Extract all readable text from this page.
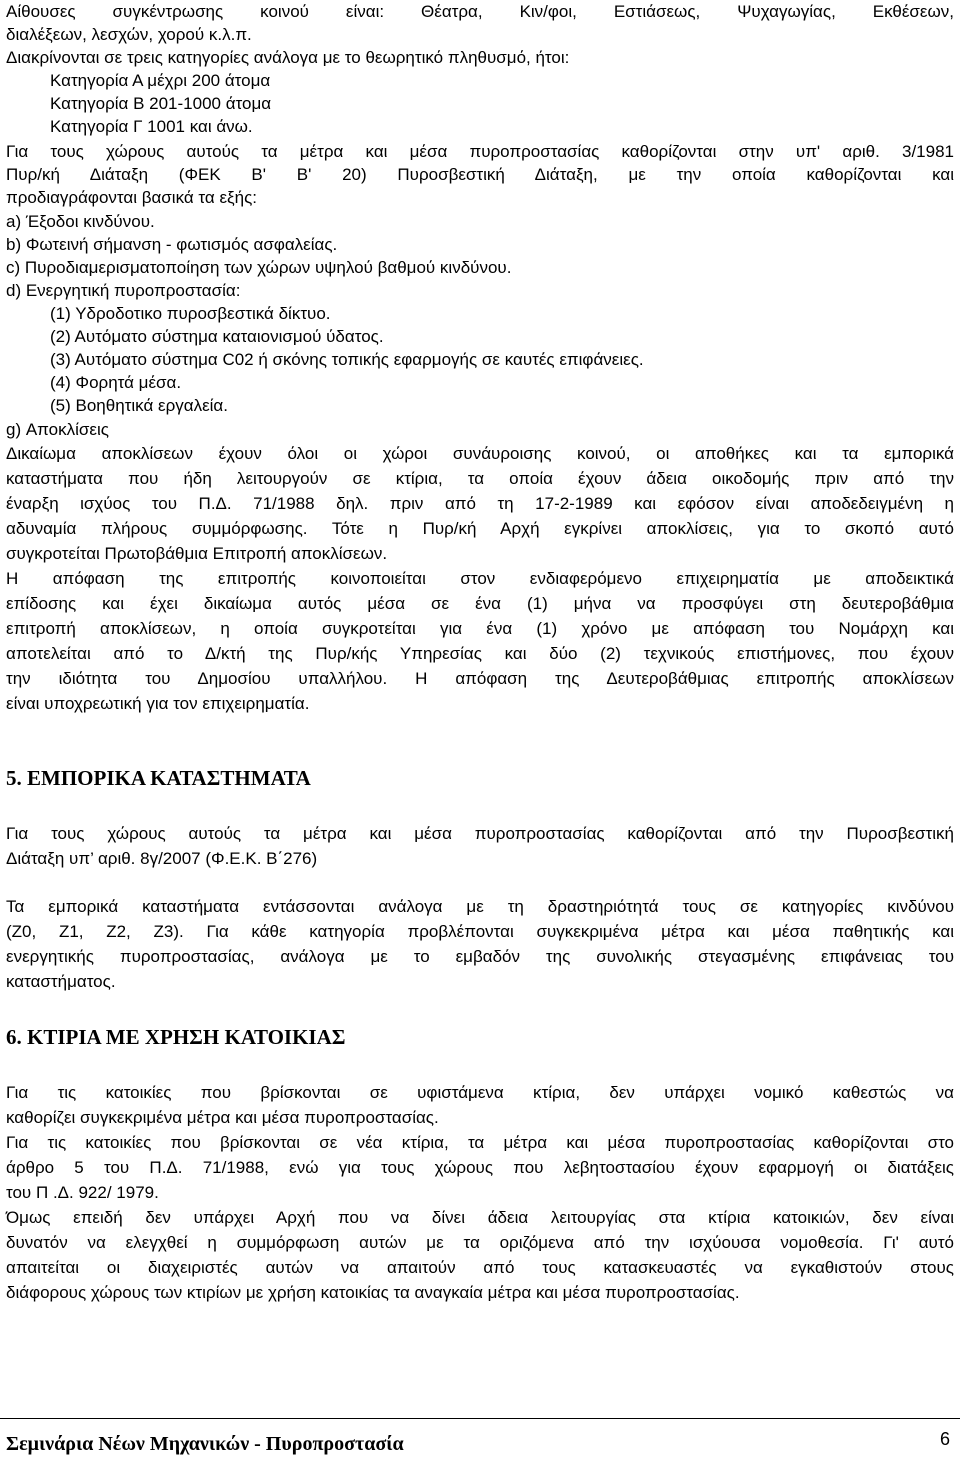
Αίθουσες συγκέντρωσης κοινού είναι: Θέατρα, Κιν/φοι, Εστιάσεως, Ψυχαγωγίας, Εκθέσεων,
διαλέξεων, λεσχών, χορού κ.λ.π.
Διακρίνονται σε τρεις κατηγορίες ανάλογα με το θεωρητικό πληθυσμό, ήτοι:
Κατηγορία Α μέχρι 200 άτομα
Κατηγορία Β 201-1000 άτομα
Κατηγορία Γ 1001 και άνω.
Για τους χώρους αυτούς τα μέτρα και μέσα πυροπροστασίας καθορίζονται στην υπ' αριθ. 3/1981
Πυρ/κή Διάταξη (ΦΕΚ Β' Β' 20) Πυροσβεστική Διάταξη, με την οποία καθορίζονται και
προδιαγράφονται βασικά τα εξής:
a) Έξοδοι κινδύνου.
b) Φωτεινή σήμανση - φωτισμός ασφαλείας.
c) Πυροδιαμερισματοποίηση των χώρων υψηλού βαθμού κινδύνου.
d) Ενεργητική πυροπροστασία:
(1) Υδροδοτικο πυροσβεστικά δίκτυο.
(2) Αυτόματο σύστημα καταιονισμού ύδατος.
(3) Αυτόματο σύστημα C02 ή σκόνης τοπικής εφαρμογής σε καυτές επιφάνειες.
(4) Φορητά μέσα.
(5) Βοηθητικά εργαλεία.
g) Αποκλίσεις
Δικαίωμα αποκλίσεων έχουν όλοι οι χώροι συνάυροισης κοινού, οι αποθήκες και τα εμπορικά
καταστήματα που ήδη λειτουργούν σε κτίρια, τα οποία έχουν άδεια οικοδομής πριν από την
έναρξη ισχύος του Π.Δ. 71/1988 δηλ. πριν από τη 17-2-1989 και εφόσον είναι αποδεδειγμένη η
αδυναμία πλήρους συμμόρφωσης. Τότε η Πυρ/κή Αρχή εγκρίνει αποκλίσεις, για το σκοπό αυτό
συγκροτείται Πρωτοβάθμια Επιτροπή αποκλίσεων.
Η απόφαση της επιτροπής κοινοποιείται στον ενδιαφερόμενο επιχειρηματία με αποδεικτικά
επίδοσης και έχει δικαίωμα αυτός μέσα σε ένα (1) μήνα να προσφύγει στη δευτεροβάθμια
επιτροπή αποκλίσεων, η οποία συγκροτείται για ένα (1) χρόνο με απόφαση του Νομάρχη και
αποτελείται από το Δ/κτή της Πυρ/κής Υπηρεσίας και δύο (2) τεχνικούς επιστήμονες, που έχουν
την ιδιότητα του Δημοσίου υπαλλήλου. Η απόφαση της Δευτεροβάθμιας επιτροπής αποκλίσεων
είναι υποχρεωτική για τον επιχειρηματία.
5. ΕΜΠΟΡΙΚΑ ΚΑΤΑΣΤΗΜΑΤΑ
Για τους χώρους αυτούς τα μέτρα και μέσα πυροπροστασίας καθορίζονται από την Πυροσβεστική
Διάταξη υπ’ αριθ. 8γ/2007 (Φ.Ε.Κ. Β΄276)
Τα εμπορικά καταστήματα εντάσσονται ανάλογα με τη δραστηριότητά τους σε κατηγορίες κινδύνου
(Ζ0, Ζ1, Ζ2, Ζ3). Για κάθε κατηγορία προβλέπονται συγκεκριμένα μέτρα και μέσα παθητικής και
ενεργητικής πυροπροστασίας, ανάλογα με το εμβαδόν της συνολικής στεγασμένης επιφάνειας του
καταστήματος.
6. ΚΤΙΡΙΑ ΜΕ ΧΡΗΣΗ ΚΑΤΟΙΚΙΑΣ
Για τις κατοικίες που βρίσκονται σε υφιστάμενα κτίρια, δεν υπάρχει νομικό καθεστώς να
καθορίζει συγκεκριμένα μέτρα και μέσα πυροπροστασίας.
Για τις κατοικίες που βρίσκονται σε νέα κτίρια, τα μέτρα και μέσα πυροπροστασίας καθορίζονται στο
άρθρο 5 του Π.Δ. 71/1988, ενώ για τους χώρους που λεβητοστασίου έχουν εφαρμογή οι διατάξεις
του Π .Δ. 922/ 1979.
Όμως επειδή δεν υπάρχει Αρχή που να δίνει άδεια λειτουργίας στα κτίρια κατοικιών, δεν είναι
δυνατόν να ελεγχθεί η συμμόρφωση αυτών με τα οριζόμενα από την ισχύουσα νομοθεσία. Γι' αυτό
απαιτείται οι διαχειριστές αυτών να απαιτούν από τους κατασκευαστές να εγκαθιστούν στους
διάφορους χώρους των κτιρίων με χρήση κατοικίας τα αναγκαία μέτρα και μέσα πυροπροστασίας.
Σεμινάρια Νέων Μηχανικών - Πυροπροστασία	6
